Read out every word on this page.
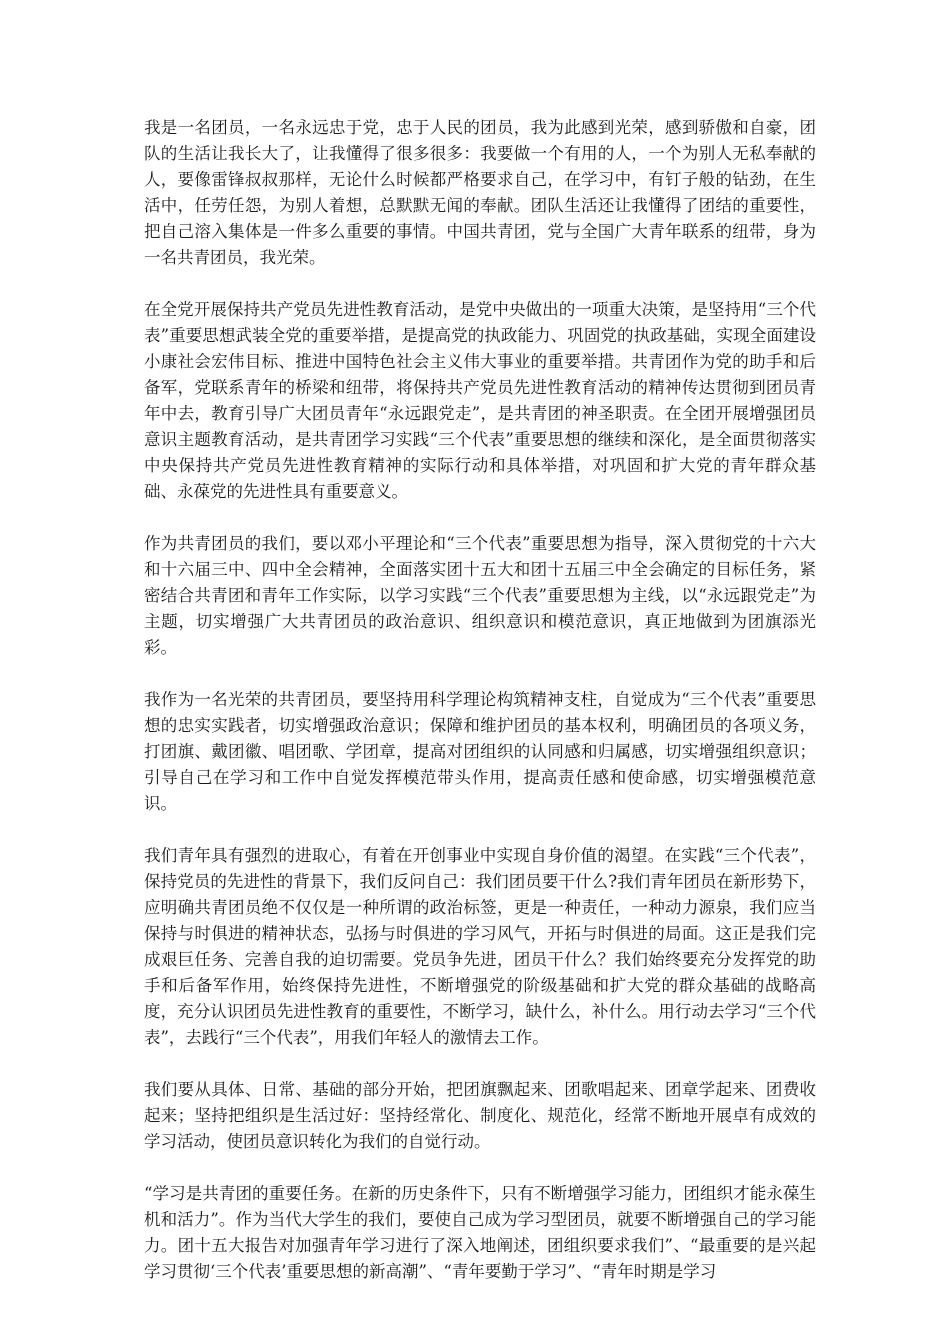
我是一名团员，一名永远忠于党，忠于人民的团员，我为此感到光荣，感到骄傲和自豪，团队的生活让我长大了，让我懂得了很多很多：我要做一个有用的人，一个为别人无私奉献的人，要像雷锋叔叔那样，无论什么时候都严格要求自己，在学习中，有钉子般的钻劲，在生活中，任劳任怨，为别人着想，总默默无闻的奉献。团队生活还让我懂得了团结的重要性，把自己溶入集体是一件多么重要的事情。中国共青团，党与全国广大青年联系的纽带，身为一名共青团员，我光荣。

在全党开展保持共产党员先进性教育活动，是党中央做出的一项重大决策，是坚持用“三个代表”重要思想武装全党的重要举措，是提高党的执政能力、巩固党的执政基础，实现全面建设小康社会宏伟目标、推进中国特色社会主义伟大事业的重要举措。共青团作为党的助手和后备军，党联系青年的桥梁和纽带，将保持共产党员先进性教育活动的精神传达贯彻到团员青年中去，教育引导广大团员青年“永远跟党走”，是共青团的神圣职责。在全团开展增强团员意识主题教育活动，是共青团学习实践“三个代表”重要思想的继续和深化，是全面贯彻落实中央保持共产党员先进性教育精神的实际行动和具体举措，对巩固和扩大党的青年群众基础、永葆党的先进性具有重要意义。

作为共青团员的我们，要以邓小平理论和“三个代表”重要思想为指导，深入贯彻党的十六大和十六届三中、四中全会精神，全面落实团十五大和团十五届三中全会确定的目标任务，紧密结合共青团和青年工作实际，以学习实践“三个代表”重要思想为主线，以“永远跟党走”为主题，切实增强广大共青团员的政治意识、组织意识和模范意识，真正地做到为团旗添光彩。

我作为一名光荣的共青团员，要坚持用科学理论构筑精神支柱，自觉成为“三个代表”重要思想的忠实实践者，切实增强政治意识；保障和维护团员的基本权利，明确团员的各项义务，打团旗、戴团徽、唱团歌、学团章，提高对团组织的认同感和归属感，切实增强组织意识；引导自己在学习和工作中自觉发挥模范带头作用，提高责任感和使命感，切实增强模范意识。

我们青年具有强烈的进取心，有着在开创事业中实现自身价值的渴望。在实践“三个代表”，保持党员的先进性的背景下，我们反问自己：我们团员要干什么?我们青年团员在新形势下，应明确共青团员绝不仅仅是一种所谓的政治标签，更是一种责任，一种动力源泉，我们应当保持与时俱进的精神状态，弘扬与时俱进的学习风气，开拓与时俱进的局面。这正是我们完成艰巨任务、完善自我的迫切需要。党员争先进，团员干什么？我们始终要充分发挥党的助手和后备军作用，始终保持先进性，不断增强党的阶级基础和扩大党的群众基础的战略高度，充分认识团员先进性教育的重要性，不断学习，缺什么，补什么。用行动去学习“三个代表”，去践行“三个代表”，用我们年轻人的激情去工作。

我们要从具体、日常、基础的部分开始，把团旗飘起来、团歌唱起来、团章学起来、团费收起来；坚持把组织是生活过好：坚持经常化、制度化、规范化，经常不断地开展卓有成效的学习活动，使团员意识转化为我们的自觉行动。

“学习是共青团的重要任务。在新的历史条件下，只有不断增强学习能力，团组织才能永葆生机和活力”。作为当代大学生的我们，要使自己成为学习型团员，就要不断增强自己的学习能力。团十五大报告对加强青年学习进行了深入地阐述，团组织要求我们”、“最重要的是兴起学习贯彻‘三个代表’重要思想的新高潮”、“青年要勤于学习”、“青年时期是学习
